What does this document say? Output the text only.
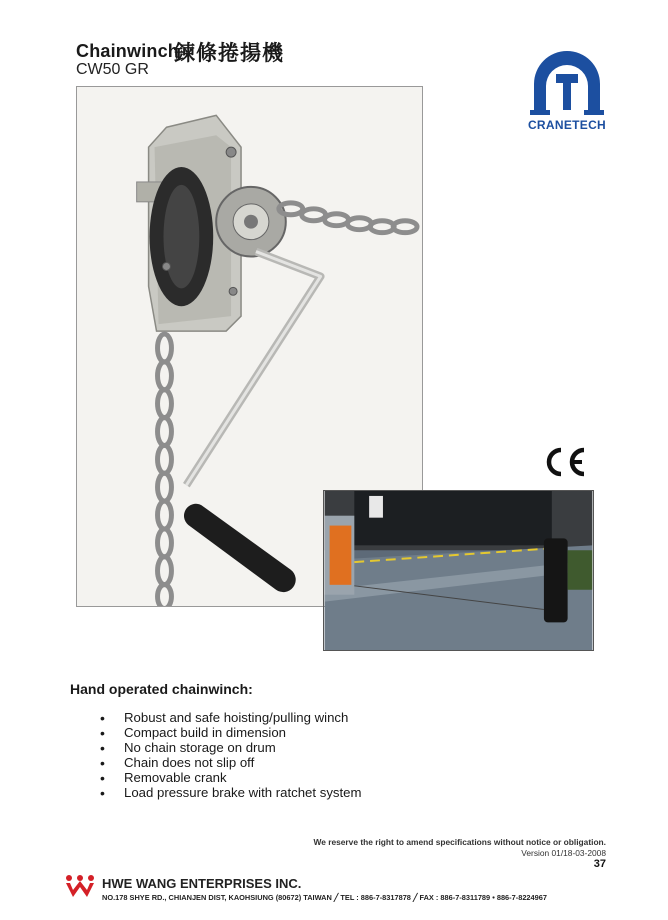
Chainwinch
鍊條捲揚機
CW50 GR
CRANETECH
Hand operated chainwinch:
• Robust and safe hoisting/pulling winch
• Compact build in dimension
• No chain storage on drum
• Chain does not slip off
• Removable crank
• Load pressure brake with ratchet system
We reserve the right to amend specifications without notice or obligation.
Version 01/18-03-2008
37
HWE WANG ENTERPRISES INC.
NO.178 SHYE RD., CHIANJEN DIST, KAOHSIUNG (80672) TAIWAN ╱ TEL : 886-7-8317878 ╱ FAX : 886-7-8311789 • 886-7-8224967
